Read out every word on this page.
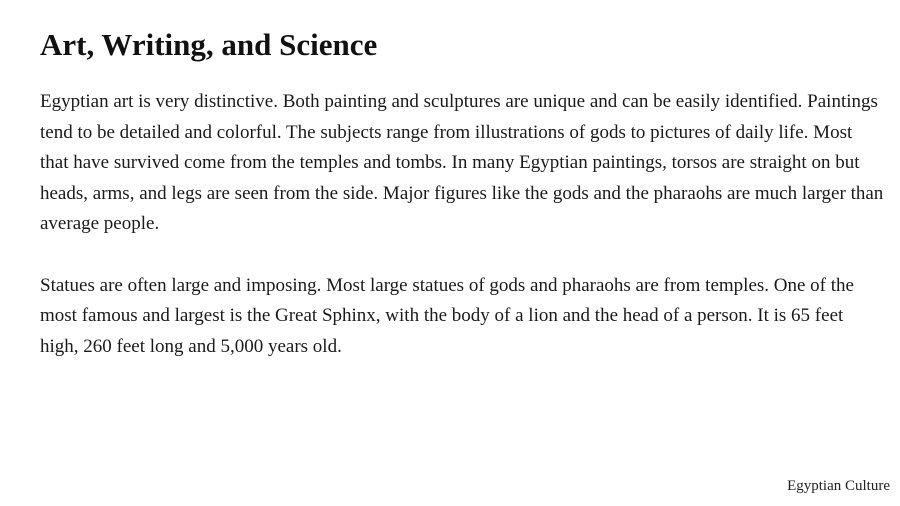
Art, Writing, and Science

Egyptian art is very distinctive. Both painting and sculptures are unique and can be easily identified. Paintings tend to be detailed and colorful. The subjects range from illustrations of gods to pictures of daily life. Most that have survived come from the temples and tombs. In many Egyptian paintings, torsos are straight on but heads, arms, and legs are seen from the side. Major figures like the gods and the pharaohs are much larger than average people.

Statues are often large and imposing. Most large statues of gods and pharaohs are from temples. One of the most famous and largest is the Great Sphinx, with the body of a lion and the head of a person. It is 65 feet high, 260 feet long and 5,000 years old.

Egyptian Culture
